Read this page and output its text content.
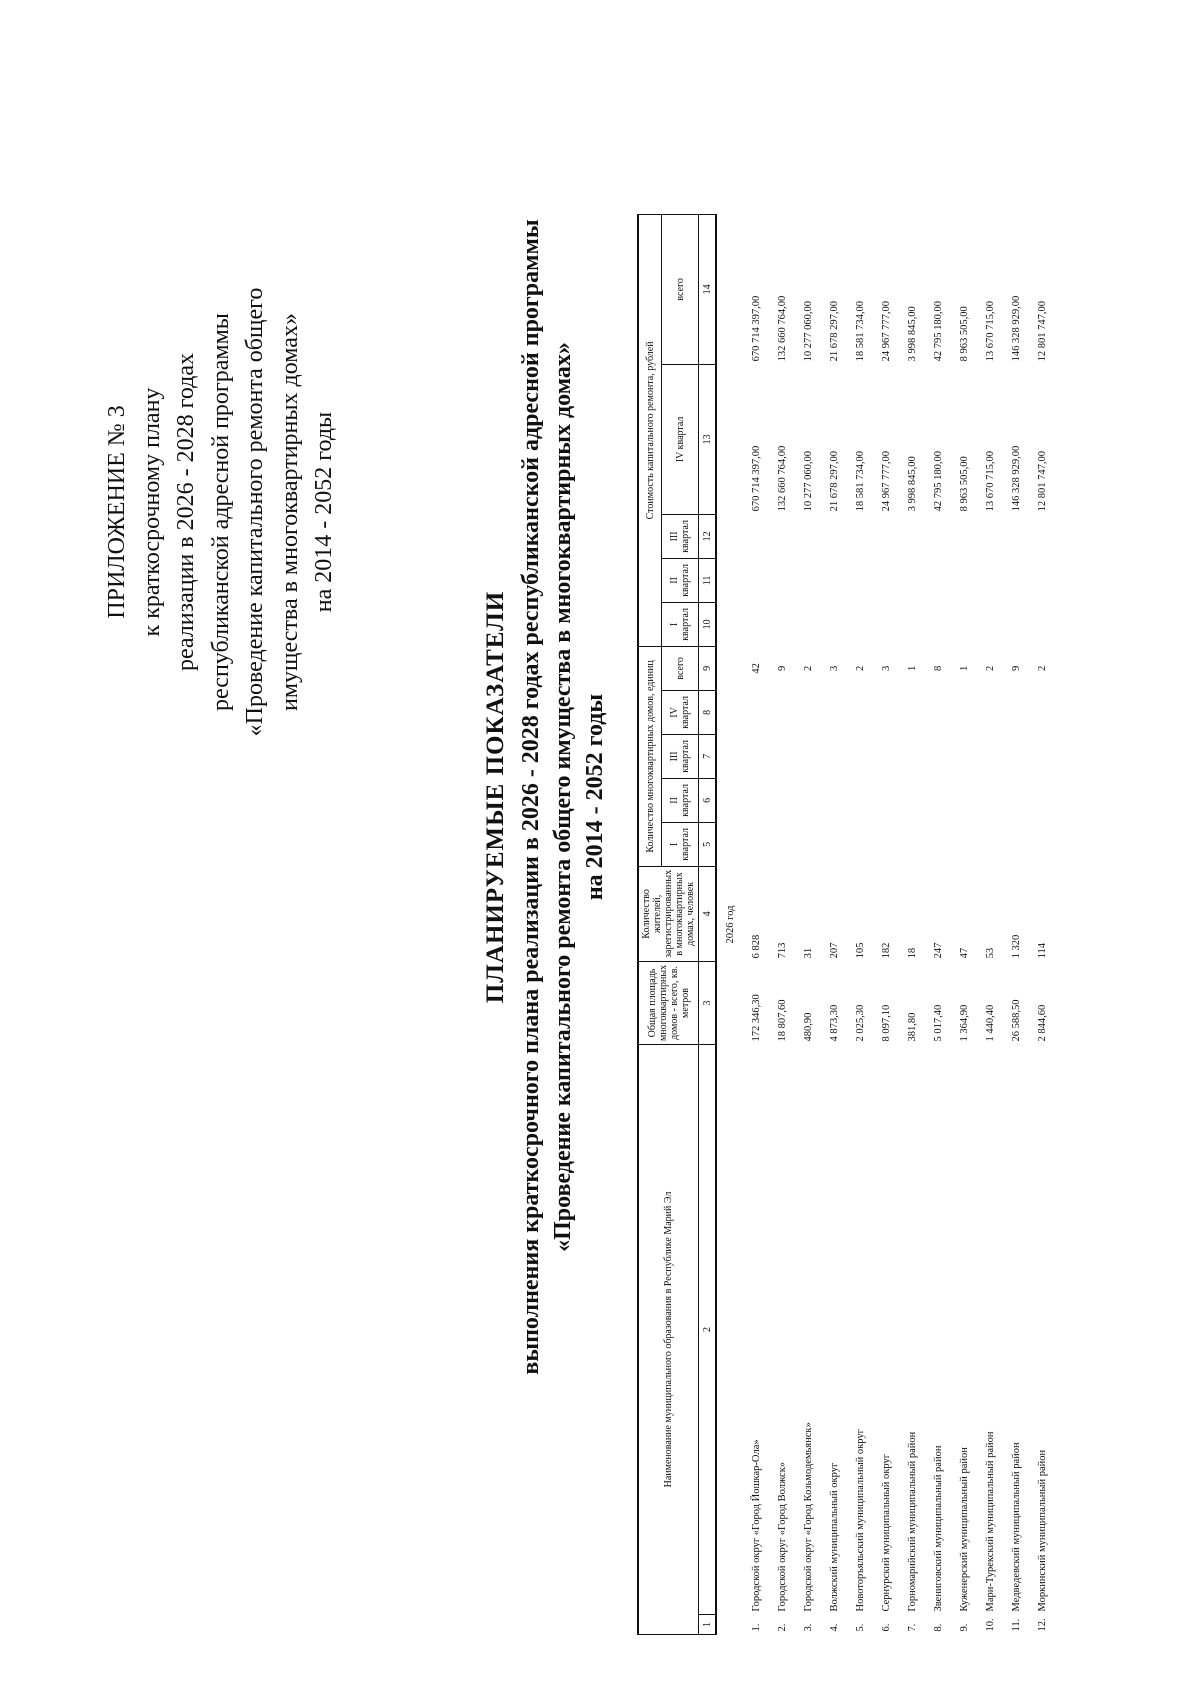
ПРИЛОЖЕНИЕ № 3 к краткосрочному плану реализации в 2026 - 2028 годах республиканской адресной программы «Проведение капитального ремонта общего имущества в многоквартирных домах» на 2014 - 2052 годы
ПЛАНИРУЕМЫЕ ПОКАЗАТЕЛИ выполнения краткосрочного плана реализации в 2026 - 2028 годах республиканской адресной программы «Проведение капитального ремонта общего имущества в многоквартирных домах» на 2014 - 2052 годы
Наименование муниципального образования в Республике Марий Эл		Общая площадь многоквартирных домов - всего, кв. метров	Количество жителей, зарегистрированных в многоквартирных домах, человек	Количество многоквартирных домов, единиц					Стоимость капитального ремонта, рублей				
				I квартал	II квартал	III квартал	IV квартал	всего	I квартал	II квартал	III квартал	IV квартал	всего
1	2	3	4	5	6	7	8	9	10	11	12	13	14
2026 год													
1.	Городской округ «Город Йошкар-Ола»	172 346,30	6 828					42				670 714 397,00	670 714 397,00
2.	Городской округ «Город Волжск»	18 807,60	713					9				132 660 764,00	132 660 764,00
3.	Городской округ «Город Козьмодемьянск»	480,90	31					2				10 277 060,00	10 277 060,00
4.	Волжский муниципальный округ	4 873,30	207					3				21 678 297,00	21 678 297,00
5.	Новоторъяльский муниципальный округ	2 025,30	105					2				18 581 734,00	18 581 734,00
6.	Сернурский муниципальный округ	8 097,10	182					3				24 967 777,00	24 967 777,00
7.	Горномарийский муниципальный район	381,80	18					1				3 998 845,00	3 998 845,00
8.	Звениговский муниципальный район	5 017,40	247					8				42 795 180,00	42 795 180,00
9.	Куженерский муниципальный район	1 364,90	47					1				8 963 505,00	8 963 505,00
10.	Мари-Турекский муниципальный район	1 440,40	53					2				13 670 715,00	13 670 715,00
11.	Медведевский муниципальный район	26 588,50	1 320					9				146 328 929,00	146 328 929,00
12.	Моркинский муниципальный район	2 844,60	114					2				12 801 747,00	12 801 747,00
